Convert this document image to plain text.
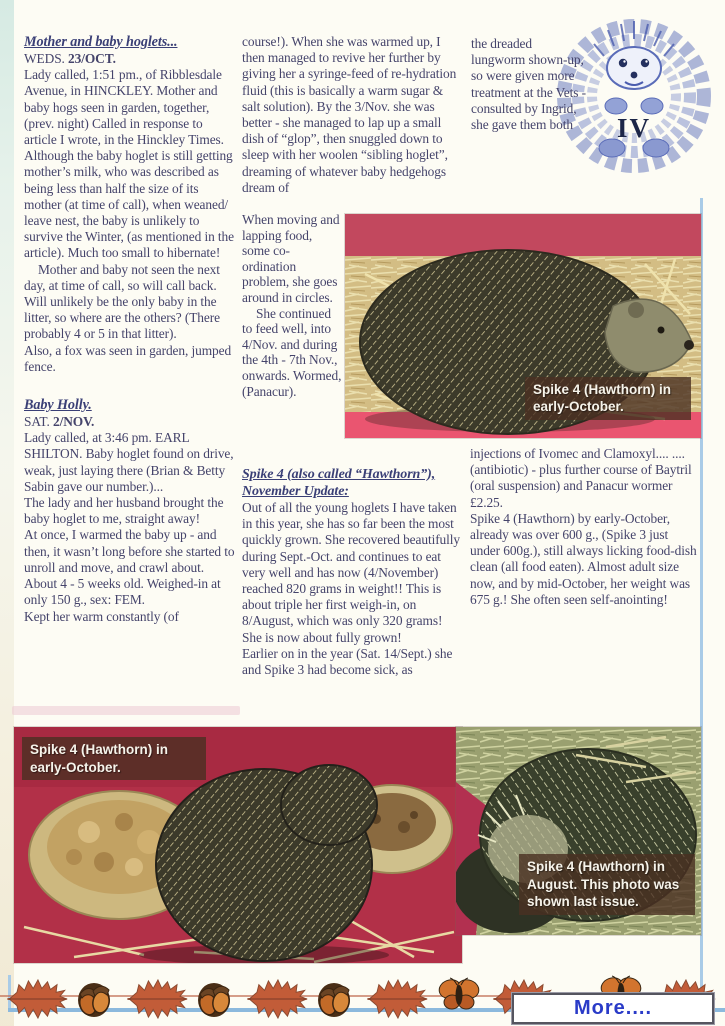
IV

Mother and baby hoglets...

WEDS. 23/OCT.

Lady called, 1:51 pm., of Ribblesdale Avenue, in HINCKLEY. Mother and baby hogs seen in garden, together, (prev. night) Called in response to article I wrote, in the Hinckley Times. Although the baby hoglet is still getting mother’s milk, who was described as being less than half the size of its mother (at time of call), when weaned/ leave nest, the baby is unlikely to survive the Winter, (as mentioned in the article). Much too small to hibernate!

Mother and baby not seen the next day, at time of call, so will call back. Will unlikely be the only baby in the litter, so where are the others? (There probably 4 or 5 in that litter).

Also, a fox was seen in garden, jumped fence.

Baby Holly.

SAT. 2/NOV.

Lady called, at 3:46 pm. EARL SHILTON. Baby hoglet found on drive, weak, just laying there (Brian & Betty Sabin gave our number.)...

The lady and her husband brought the baby hoglet to me, straight away!

At once, I warmed the baby up - and then, it wasn’t long before she started to unroll and move, and crawl about.

About 4 - 5 weeks old. Weighed-in at only 150 g., sex: FEM.

Kept her warm constantly (of

course!). When she was warmed up, I then managed to revive her further by giving her a syringe-feed of re-hydration fluid (this is basically a warm sugar & salt solution). By the 3/Nov. she was better - she managed to lap up a small dish of “glop”, then snuggled down to sleep with her woolen “sibling hoglet”, dreaming of whatever baby hedgehogs dream of

When moving and lapping food, some co-ordination problem, she goes around in circles.

She continued to feed well, into 4/Nov. and during the 4th - 7th Nov., onwards. Wormed, (Panacur).

Spike 4 (also called “Hawthorn”), November Update:

Out of all the young hoglets I have taken in this year, she has so far been the most quickly grown. She recovered beautifully during Sept.-Oct. and continues to eat very well and has now (4/November) reached 820 grams in weight!! This is about triple her first weigh-in, on 8/August, which was only 320 grams! She is now about fully grown!

Earlier on in the year (Sat. 14/Sept.) she and Spike 3 had become sick, as

the dreaded lungworm shown-up, so were given more treatment at the Vets - consulted by Ingrid, she gave them both

injections of Ivomec and Clamoxyl.... ....(antibiotic) - plus further course of Baytril (oral suspension) and Panacur wormer £2.25.

Spike 4 (Hawthorn) by early-October, already was over 600 g., (Spike 3 just under 600g.), still always licking food-dish clean (all food eaten). Almost adult size now, and by mid-October, her weight was 675 g.! She often seen self-anointing!

Spike 4 (Hawthorn) in early-October.
Spike 4 (Hawthorn) in early-October.
Spike 4 (Hawthorn) in August. This photo was shown last issue.
More....
